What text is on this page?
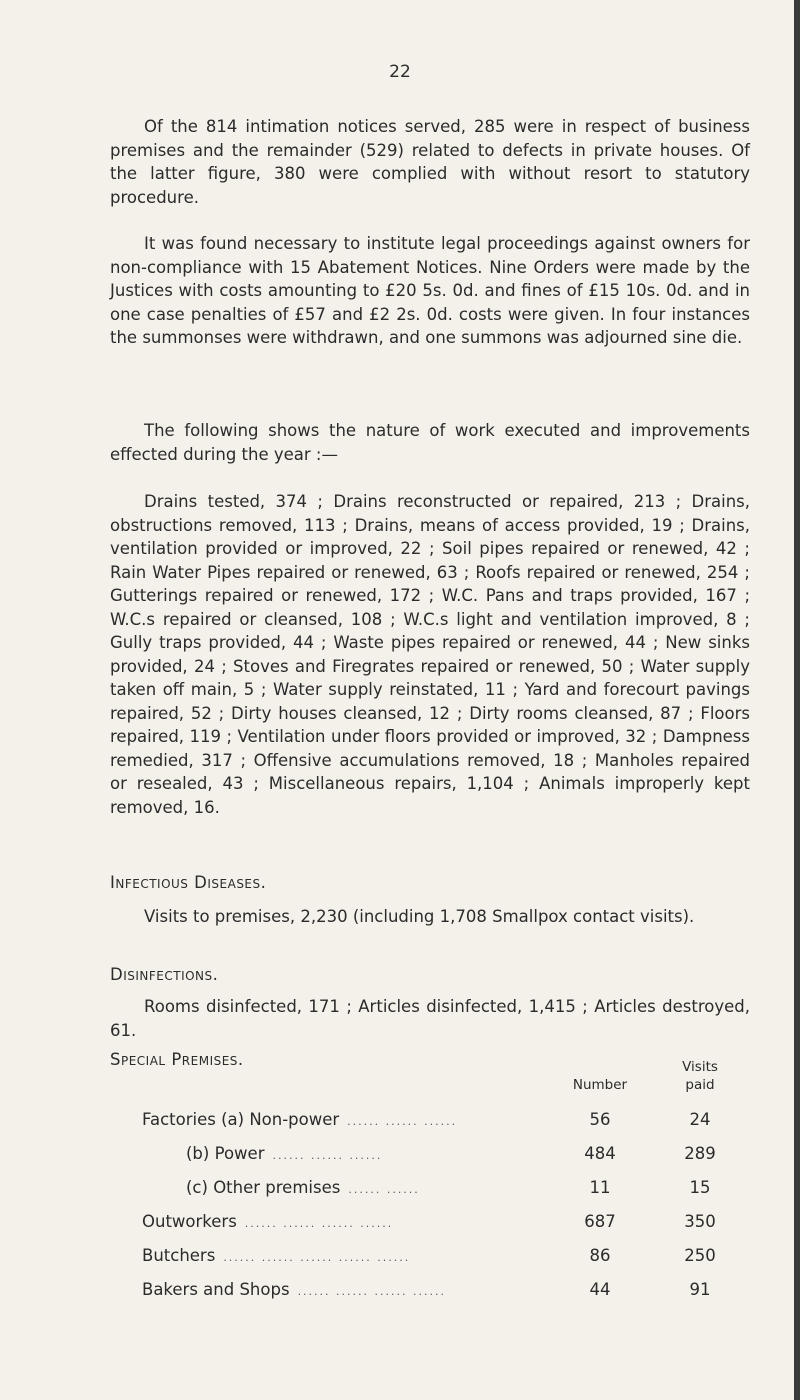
22

Of the 814 intimation notices served, 285 were in respect of business premises and the remainder (529) related to defects in private houses. Of the latter figure, 380 were complied with without resort to statutory procedure.

It was found necessary to institute legal proceedings against owners for non-compliance with 15 Abatement Notices. Nine Orders were made by the Justices with costs amounting to £20 5s. 0d. and fines of £15 10s. 0d. and in one case penalties of £57 and £2 2s. 0d. costs were given. In four instances the summonses were withdrawn, and one summons was adjourned sine die.

The following shows the nature of work executed and improvements effected during the year :—

Drains tested, 374 ; Drains reconstructed or repaired, 213 ; Drains, obstructions removed, 113 ; Drains, means of access provided, 19 ; Drains, ventilation provided or improved, 22 ; Soil pipes repaired or renewed, 42 ; Rain Water Pipes repaired or renewed, 63 ; Roofs repaired or renewed, 254 ; Gutterings repaired or renewed, 172 ; W.C. Pans and traps provided, 167 ; W.C.s repaired or cleansed, 108 ; W.C.s light and ventilation improved, 8 ; Gully traps provided, 44 ; Waste pipes repaired or renewed, 44 ; New sinks provided, 24 ; Stoves and Firegrates repaired or renewed, 50 ; Water supply taken off main, 5 ; Water supply reinstated, 11 ; Yard and forecourt pavings repaired, 52 ; Dirty houses cleansed, 12 ; Dirty rooms cleansed, 87 ; Floors repaired, 119 ; Ventilation under floors provided or improved, 32 ; Dampness remedied, 317 ; Offensive accumulations removed, 18 ; Manholes repaired or resealed, 43 ; Miscellaneous repairs, 1,104 ; Animals improperly kept removed, 16.

Infectious Diseases.

Visits to premises, 2,230 (including 1,708 Smallpox contact visits).

Disinfections.

Rooms disinfected, 171 ; Articles disinfected, 1,415 ; Articles destroyed, 61.

Special Premises.

	Number	Visits
paid

Factories (a) Non-power ...... ...... ......	56	24

(b) Power ...... ...... ......	484	289

(c) Other premises ...... ......	11	15

Outworkers ...... ...... ...... ......	687	350

Butchers ...... ...... ...... ...... ......	86	250

Bakers and Shops ...... ...... ...... ......	44	91
